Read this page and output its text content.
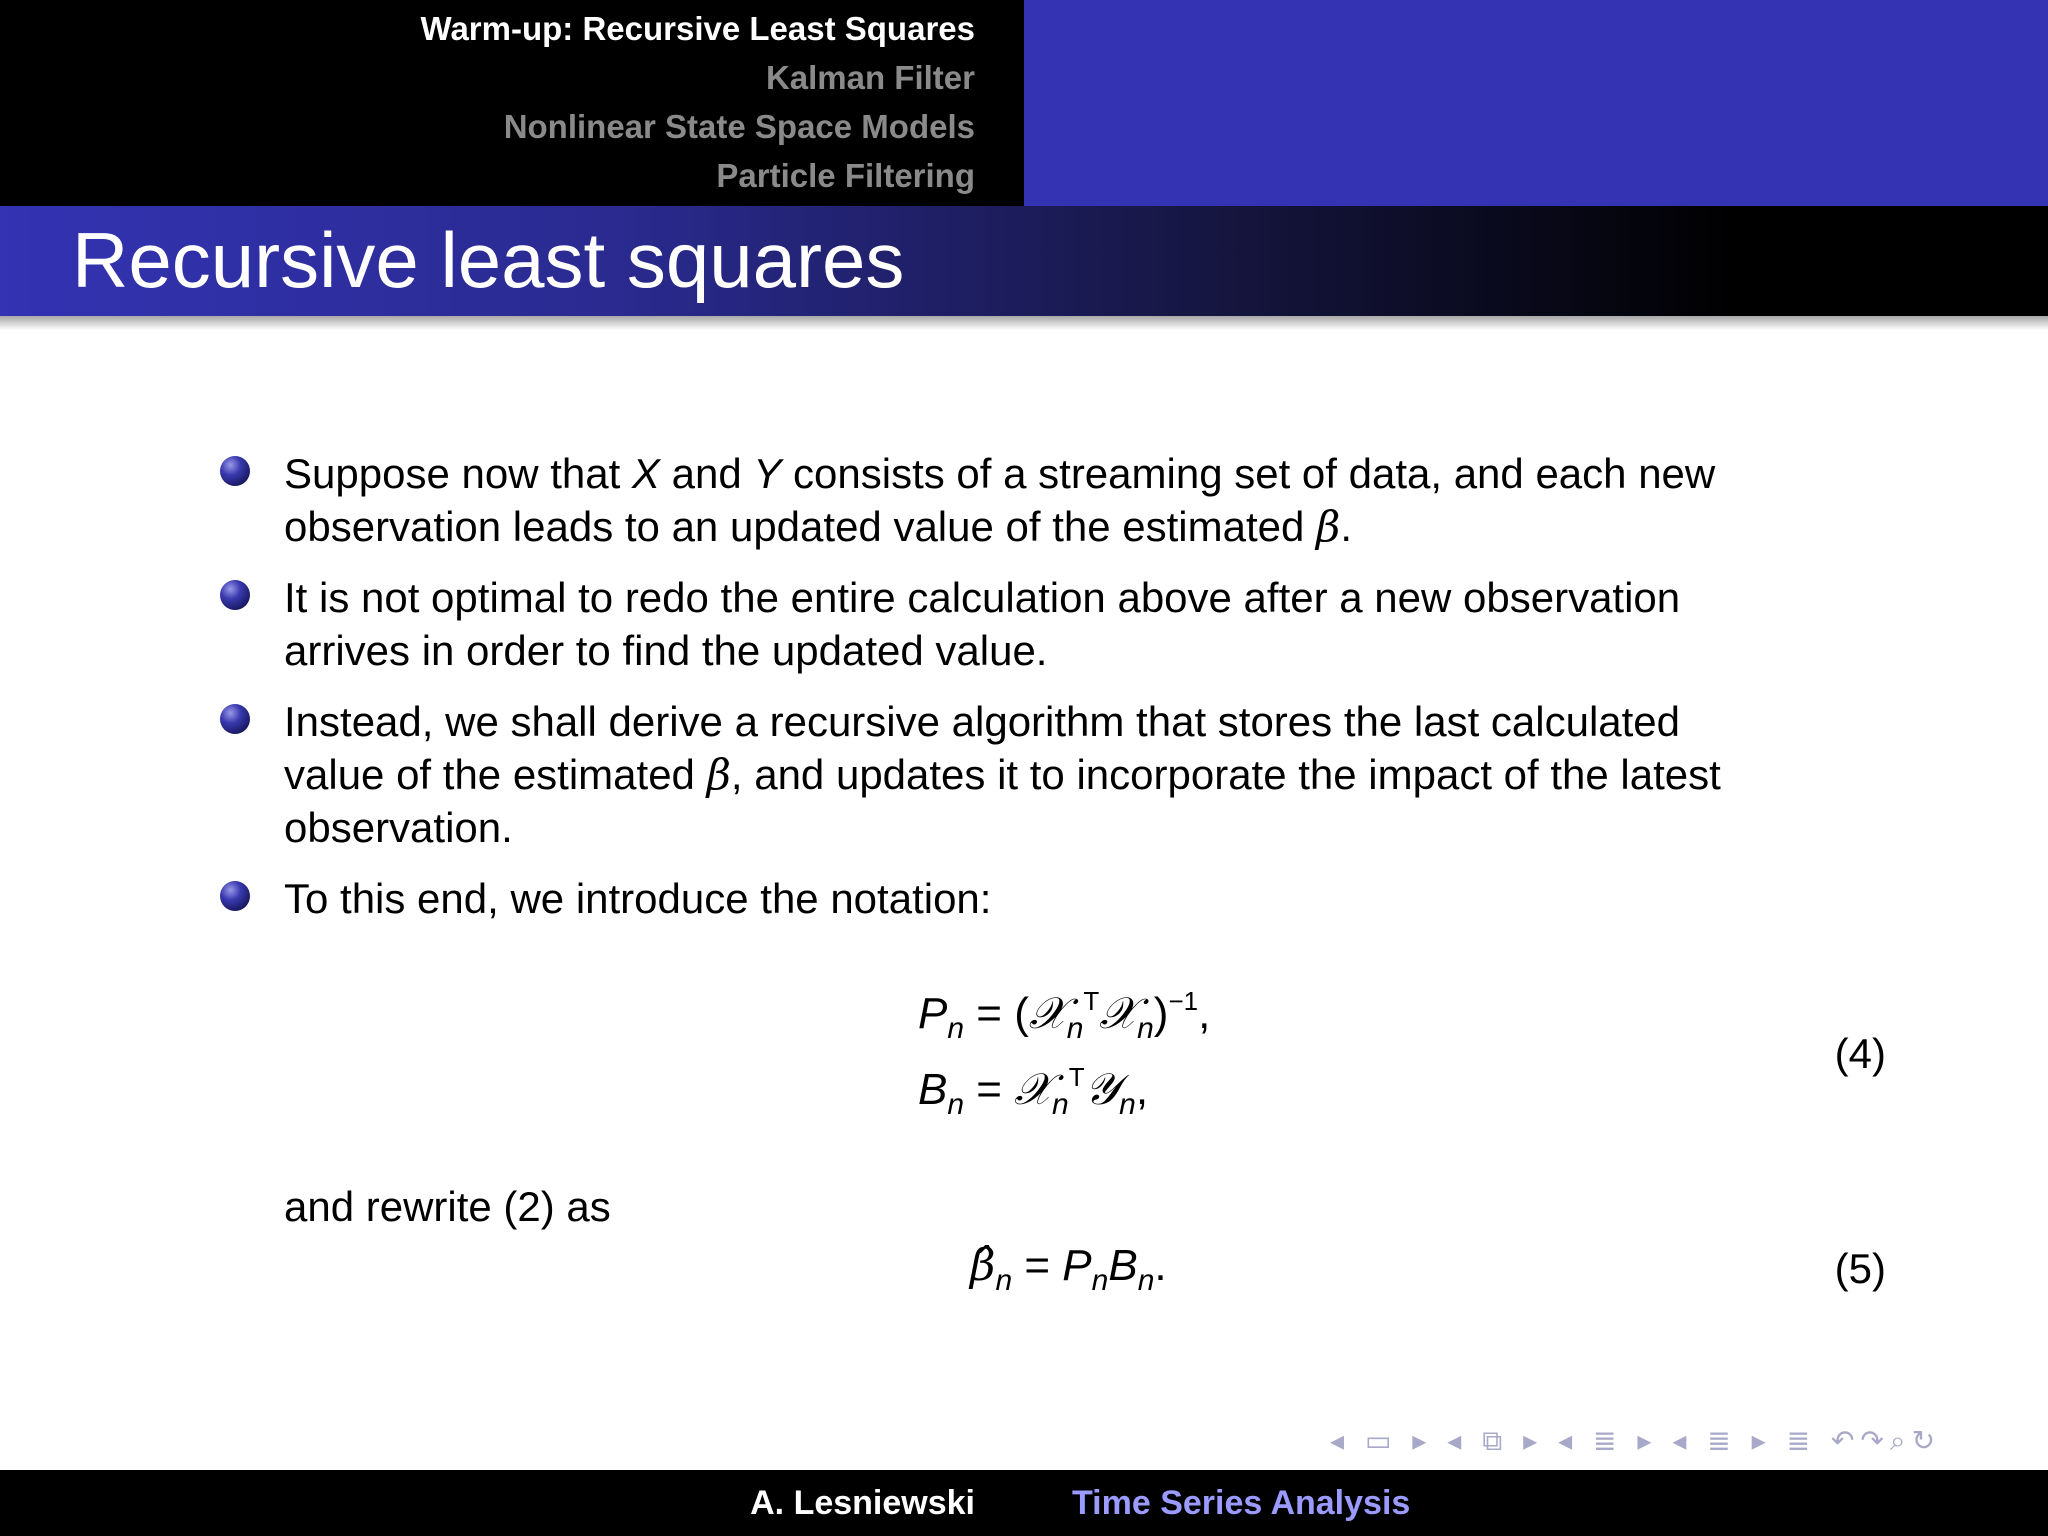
Warm-up: Recursive Least Squares
Kalman Filter
Nonlinear State Space Models
Particle Filtering
Recursive least squares
Suppose now that X and Y consists of a streaming set of data, and each new
observation leads to an updated value of the estimated β.
It is not optimal to redo the entire calculation above after a new observation
arrives in order to find the updated value.
Instead, we shall derive a recursive algorithm that stores the last calculated
value of the estimated β, and updates it to incorporate the impact of the latest
observation.
To this end, we introduce the notation:
$P_n$ = (𝒳$_n^T$𝒳$_n$)$^{-1}$,
$B_n$ = 𝒳$_n^T$𝒴$_n$,
(4)
and rewrite (2) as
$\betâ_n = P_nB_n$.	(5)
◂ ▭ ▸ ◂ ⧉ ▸ ◂ ≣ ▸ ◂ ≣ ▸ ≣ ↶↷⌕↻
A. Lesniewski	Time Series Analysis
